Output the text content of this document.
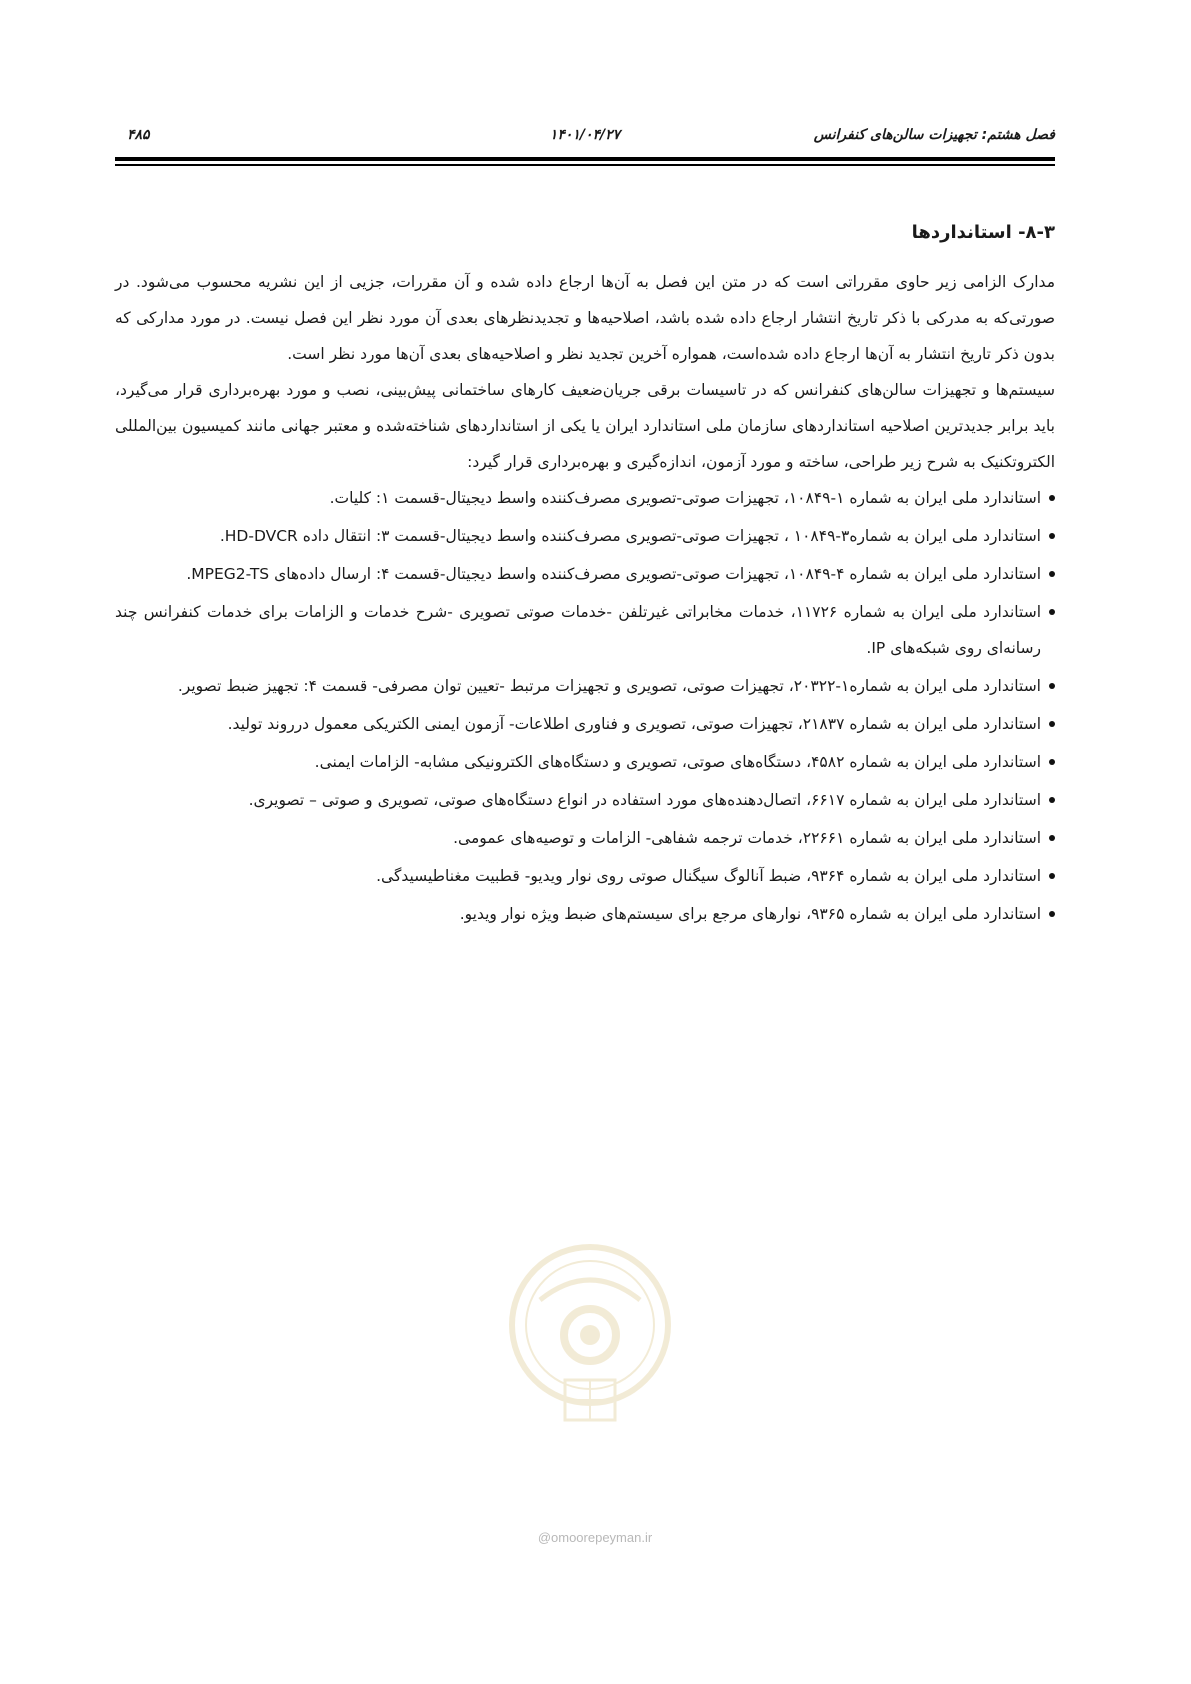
فصل هشتم: تجهیزات سالن‌های کنفرانس
۱۴۰۱/۰۴/۲۷
۴۸۵
۸-۳- استانداردها

مدارک الزامی زیر حاوی مقرراتی است که در متن این فصل به آن‌ها ارجاع داده شده و آن مقررات، جزیی از این نشریه محسوب می‌شود. در صورتی‌که به مدرکی با ذکر تاریخ انتشار ارجاع داده شده باشد، اصلاحیه‌ها و تجدیدنظرهای بعدی آن مورد نظر این فصل نیست. در مورد مدارکی که بدون ذکر تاریخ انتشار به آن‌ها ارجاع داده شده‌است، همواره آخرین تجدید نظر و اصلاحیه‌های بعدی آن‌ها مورد نظر است.

سیستم‌ها و تجهیزات سالن‌های کنفرانس که در تاسیسات برقی جریان‌ضعیف کارهای ساختمانی پیش‌بینی، نصب و مورد بهره‌برداری قرار می‌گیرد، باید برابر جدیدترین اصلاحیه استانداردهای سازمان ملی استاندارد ایران یا یکی از استانداردهای شناخته‌شده و معتبر جهانی مانند کمیسیون بین‌المللی الکتروتکنیک به شرح زیر طراحی، ساخته و مورد آزمون، اندازه‌گیری و بهره‌برداری قرار گیرد:

استاندارد ملی ایران به شماره ۱-۱۰۸۴۹، تجهیزات صوتی-تصویری مصرف‌کننده واسط دیجیتال-قسمت ۱: کلیات.
استاندارد ملی ایران به شماره۳-۱۰۸۴۹ ، تجهیزات صوتی-تصویری مصرف‌کننده واسط دیجیتال-قسمت ۳: انتقال داده HD-DVCR.
استاندارد ملی ایران به شماره ۴-۱۰۸۴۹، تجهیزات صوتی-تصویری مصرف‌کننده واسط دیجیتال-قسمت ۴: ارسال داده‌های MPEG2-TS.
استاندارد ملی ایران به شماره ۱۱۷۲۶، خدمات مخابراتی غیرتلفن -خدمات صوتی تصویری -شرح خدمات و الزامات برای خدمات کنفرانس چند رسانه‌ای روی شبکه‌های IP.
استاندارد ملی ایران به شماره۱-۲۰۳۲۲، تجهیزات صوتی، تصویری و تجهیزات مرتبط -تعیین توان مصرفی- قسمت ۴: تجهیز ضبط تصویر.
استاندارد ملی ایران به شماره ۲۱۸۳۷، تجهیزات صوتی، تصویری و فناوری اطلاعات- آزمون ایمنی الکتریکی معمول درروند تولید.
استاندارد ملی ایران به شماره ۴۵۸۲، دستگاه‌های صوتی، تصویری و دستگاه‌های الکترونیکی مشابه- الزامات ایمنی.
استاندارد ملی ایران به شماره ۶۶۱۷، اتصال‌دهنده‌های مورد استفاده در انواع دستگاه‌های صوتی، تصویری و صوتی – تصویری.
استاندارد ملی ایران به شماره ۲۲۶۶۱، خدمات ترجمه شفاهی- الزامات و توصیه‌های عمومی.
استاندارد ملی ایران به شماره ۹۳۶۴، ضبط آنالوگ سیگنال صوتی روی نوار ویدیو- قطبیت مغناطیسیدگی.
استاندارد ملی ایران به شماره ۹۳۶۵، نوارهای مرجع برای سیستم‌های ضبط ویژه نوار ویدیو.
@omoorepeyman.ir
